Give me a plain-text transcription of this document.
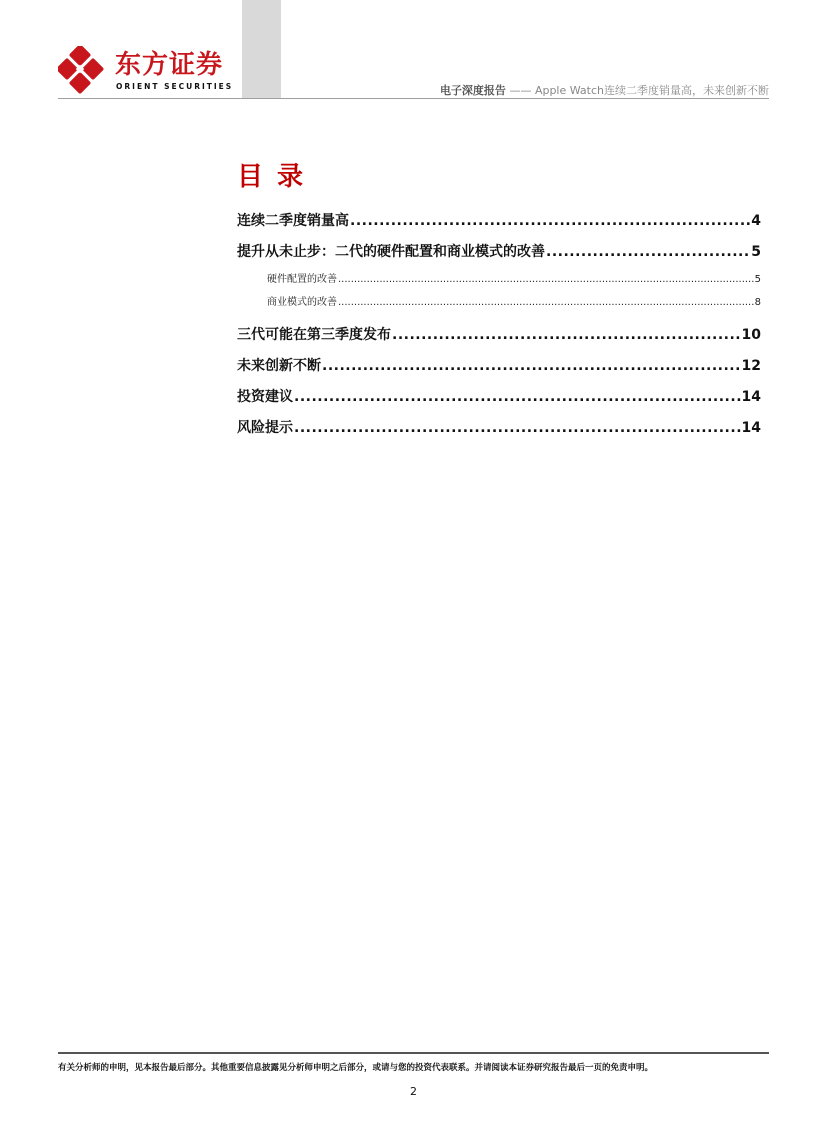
东方证券
ORIENT SECURITIES	电子深度报告 —— Apple Watch连续二季度销量高，未来创新不断
目录
连续二季度销量高 .....	4
提升从未止步：二代的硬件配置和商业模式的改善 .....	5
硬件配置的改善 .....	5
商业模式的改善 .....	8
三代可能在第三季度发布 .....	10
未来创新不断 .....	12
投资建议 .....	14
风险提示 .....	14
有关分析师的申明，见本报告最后部分。其他重要信息披露见分析师申明之后部分，或请与您的投资代表联系。并请阅读本证券研究报告最后一页的免责申明。
2
